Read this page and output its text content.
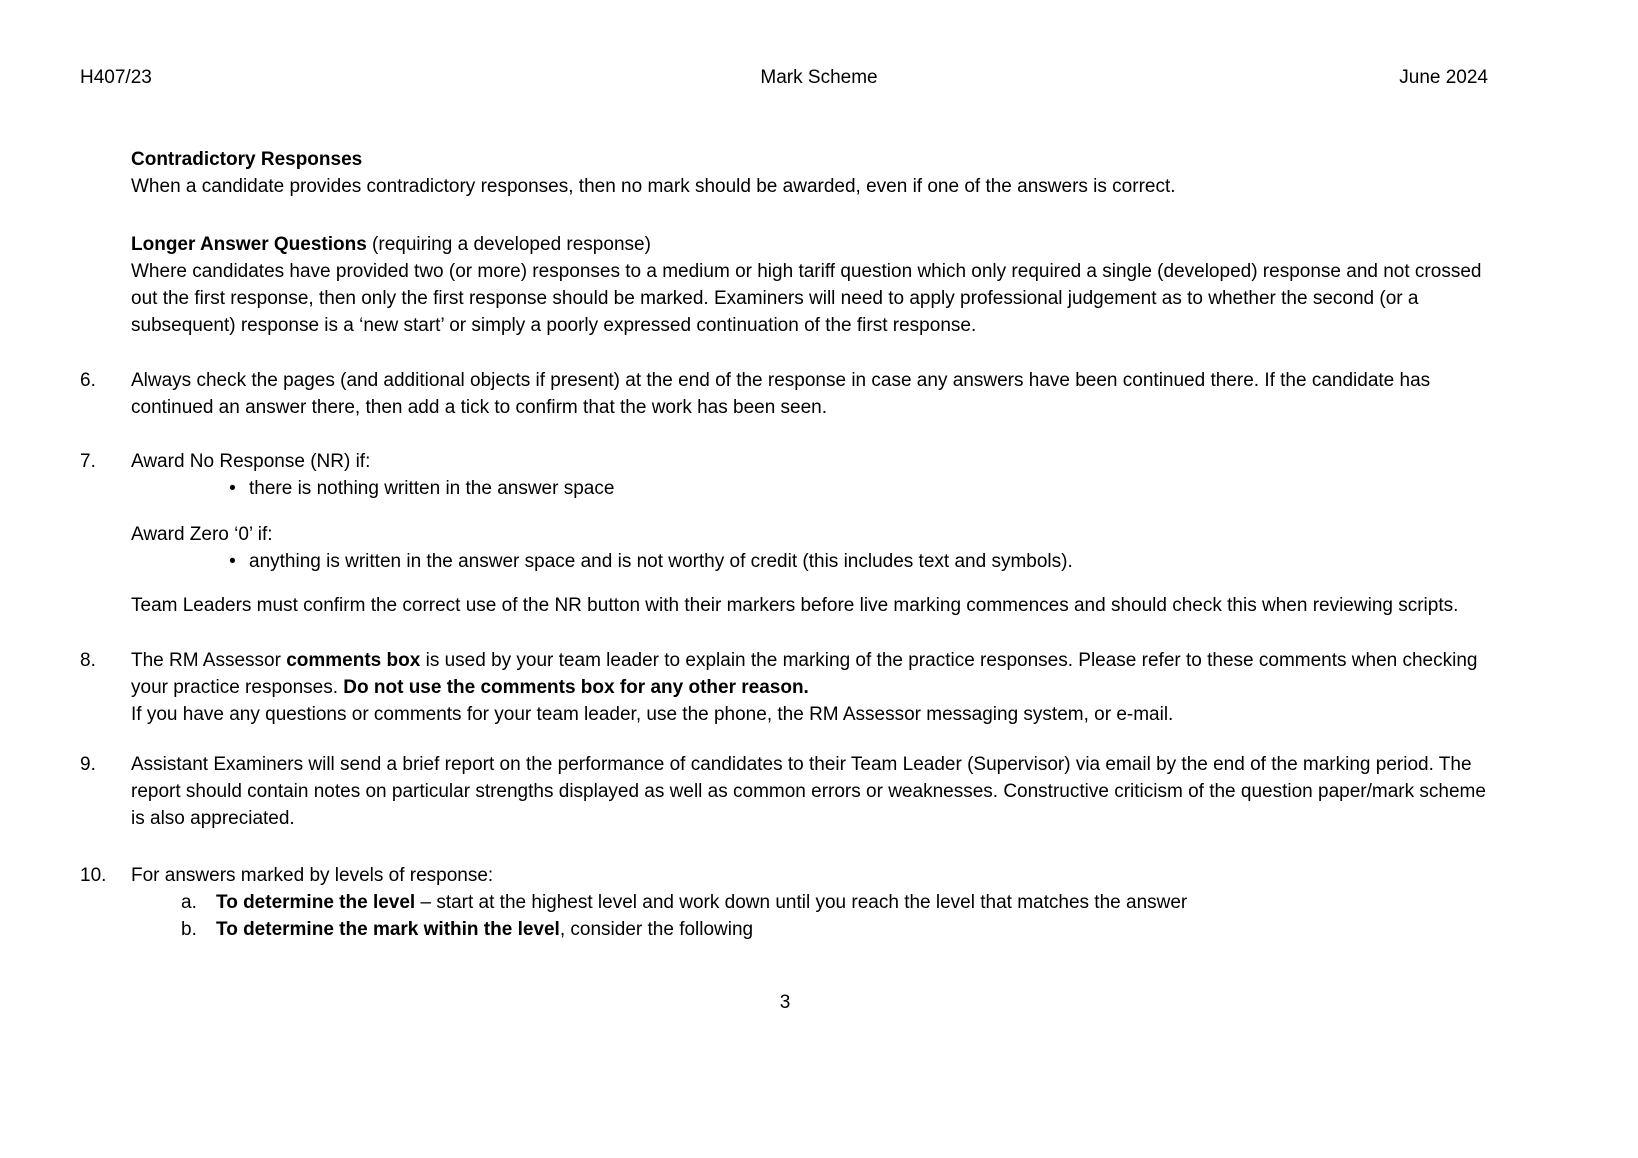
H407/23	Mark Scheme	June 2024
Contradictory Responses
When a candidate provides contradictory responses, then no mark should be awarded, even if one of the answers is correct.
Longer Answer Questions (requiring a developed response)
Where candidates have provided two (or more) responses to a medium or high tariff question which only required a single (developed) response and not crossed out the first response, then only the first response should be marked. Examiners will need to apply professional judgement as to whether the second (or a subsequent) response is a ‘new start’ or simply a poorly expressed continuation of the first response.
6.	Always check the pages (and additional objects if present) at the end of the response in case any answers have been continued there. If the candidate has continued an answer there, then add a tick to confirm that the work has been seen.
7.	Award No Response (NR) if:
• there is nothing written in the answer space
Award Zero ‘0’ if:
• anything is written in the answer space and is not worthy of credit (this includes text and symbols).
Team Leaders must confirm the correct use of the NR button with their markers before live marking commences and should check this when reviewing scripts.
8.	The RM Assessor comments box is used by your team leader to explain the marking of the practice responses. Please refer to these comments when checking your practice responses. Do not use the comments box for any other reason.
If you have any questions or comments for your team leader, use the phone, the RM Assessor messaging system, or e-mail.
9.	Assistant Examiners will send a brief report on the performance of candidates to their Team Leader (Supervisor) via email by the end of the marking period. The report should contain notes on particular strengths displayed as well as common errors or weaknesses. Constructive criticism of the question paper/mark scheme is also appreciated.
10.	For answers marked by levels of response:
a.	To determine the level – start at the highest level and work down until you reach the level that matches the answer
b.	To determine the mark within the level, consider the following
3
